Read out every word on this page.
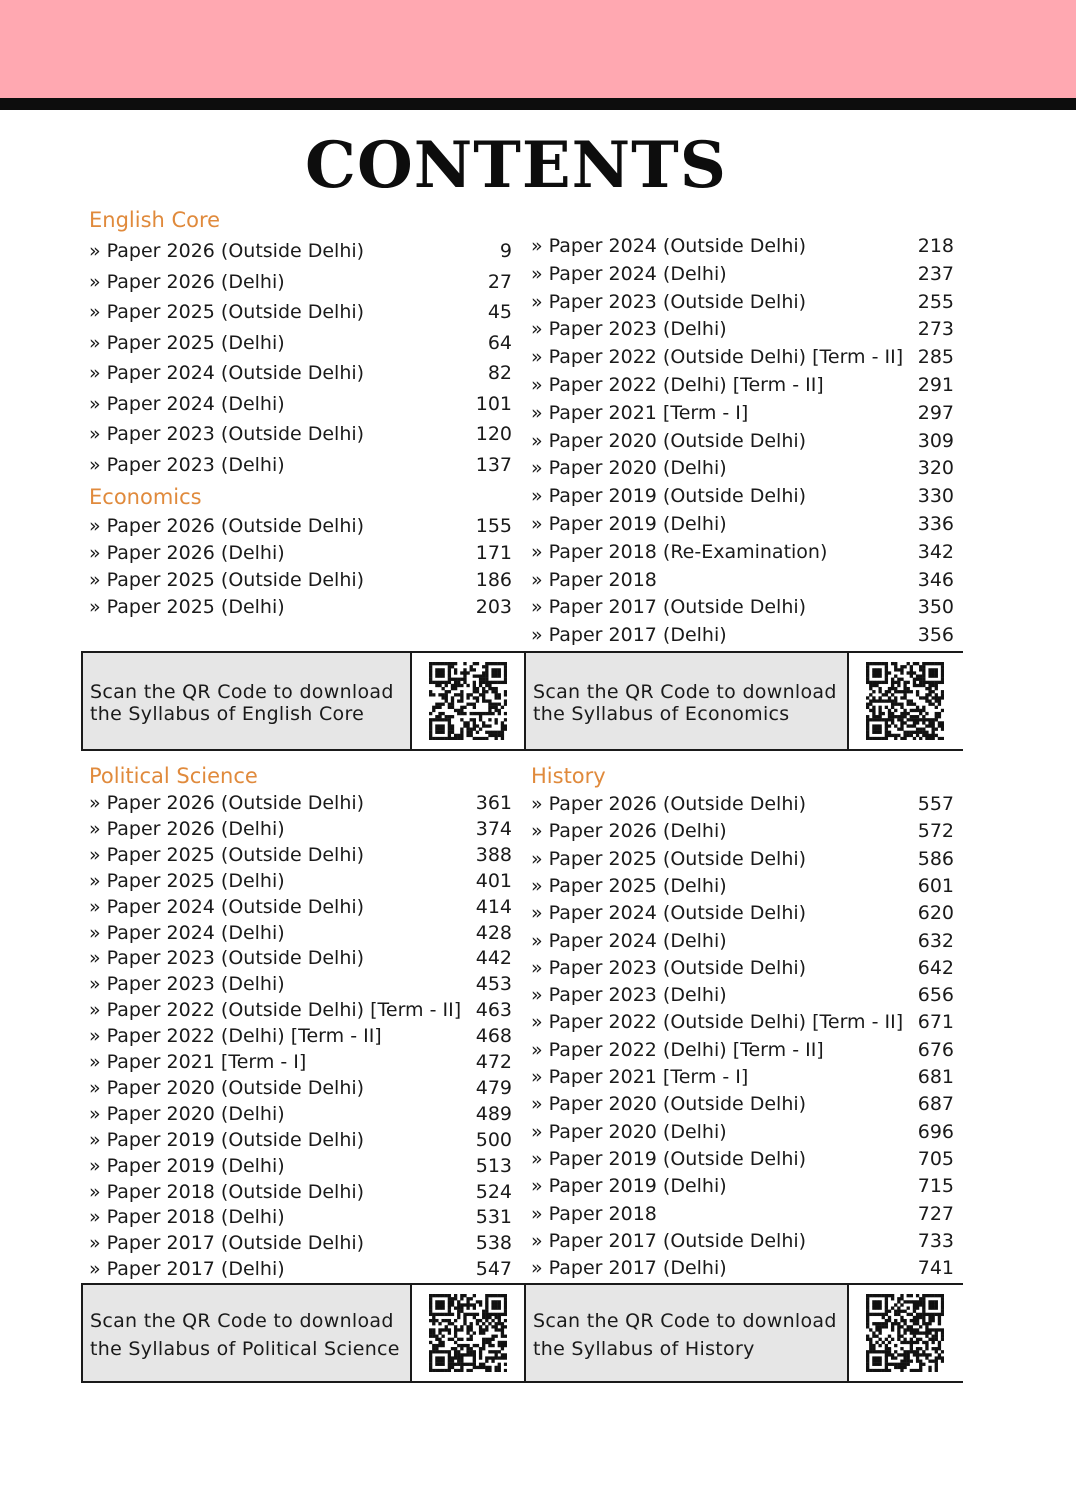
CONTENTS
English Core
» Paper 2026 (Outside Delhi)	9
» Paper 2026 (Delhi)	27
» Paper 2025 (Outside Delhi)	45
» Paper 2025 (Delhi)	64
» Paper 2024 (Outside Delhi)	82
» Paper 2024 (Delhi)	101
» Paper 2023 (Outside Delhi)	120
» Paper 2023 (Delhi)	137
Economics
» Paper 2026 (Outside Delhi)	155
» Paper 2026 (Delhi)	171
» Paper 2025 (Outside Delhi)	186
» Paper 2025 (Delhi)	203
» Paper 2024 (Outside Delhi)	218
» Paper 2024 (Delhi)	237
» Paper 2023 (Outside Delhi)	255
» Paper 2023 (Delhi)	273
» Paper 2022 (Outside Delhi) [Term - II] 285
» Paper 2022 (Delhi) [Term - II]	291
» Paper 2021 [Term - I]	297
» Paper 2020 (Outside Delhi)	309
» Paper 2020 (Delhi)	320
» Paper 2019 (Outside Delhi)	330
» Paper 2019 (Delhi)	336
» Paper 2018 (Re-Examination)	342
» Paper 2018	346
» Paper 2017 (Outside Delhi)	350
» Paper 2017 (Delhi)	356
Scan the QR Code to download
the Syllabus of English Core
Scan the QR Code to download
the Syllabus of Economics
Political Science
» Paper 2026 (Outside Delhi)	361
» Paper 2026 (Delhi)	374
» Paper 2025 (Outside Delhi)	388
» Paper 2025 (Delhi)	401
» Paper 2024 (Outside Delhi)	414
» Paper 2024 (Delhi)	428
» Paper 2023 (Outside Delhi)	442
» Paper 2023 (Delhi)	453
» Paper 2022 (Outside Delhi) [Term - II] 463
» Paper 2022 (Delhi) [Term - II]	468
» Paper 2021 [Term - I]	472
» Paper 2020 (Outside Delhi)	479
» Paper 2020 (Delhi)	489
» Paper 2019 (Outside Delhi)	500
» Paper 2019 (Delhi)	513
» Paper 2018 (Outside Delhi)	524
» Paper 2018 (Delhi)	531
» Paper 2017 (Outside Delhi)	538
» Paper 2017 (Delhi)	547
History
» Paper 2026 (Outside Delhi)	557
» Paper 2026 (Delhi)	572
» Paper 2025 (Outside Delhi)	586
» Paper 2025 (Delhi)	601
» Paper 2024 (Outside Delhi)	620
» Paper 2024 (Delhi)	632
» Paper 2023 (Outside Delhi)	642
» Paper 2023 (Delhi)	656
» Paper 2022 (Outside Delhi) [Term - II] 671
» Paper 2022 (Delhi) [Term - II]	676
» Paper 2021 [Term - I]	681
» Paper 2020 (Outside Delhi)	687
» Paper 2020 (Delhi)	696
» Paper 2019 (Outside Delhi)	705
» Paper 2019 (Delhi)	715
» Paper 2018	727
» Paper 2017 (Outside Delhi)	733
» Paper 2017 (Delhi)	741
Scan the QR Code to download
the Syllabus of Political Science
Scan the QR Code to download
the Syllabus of History
